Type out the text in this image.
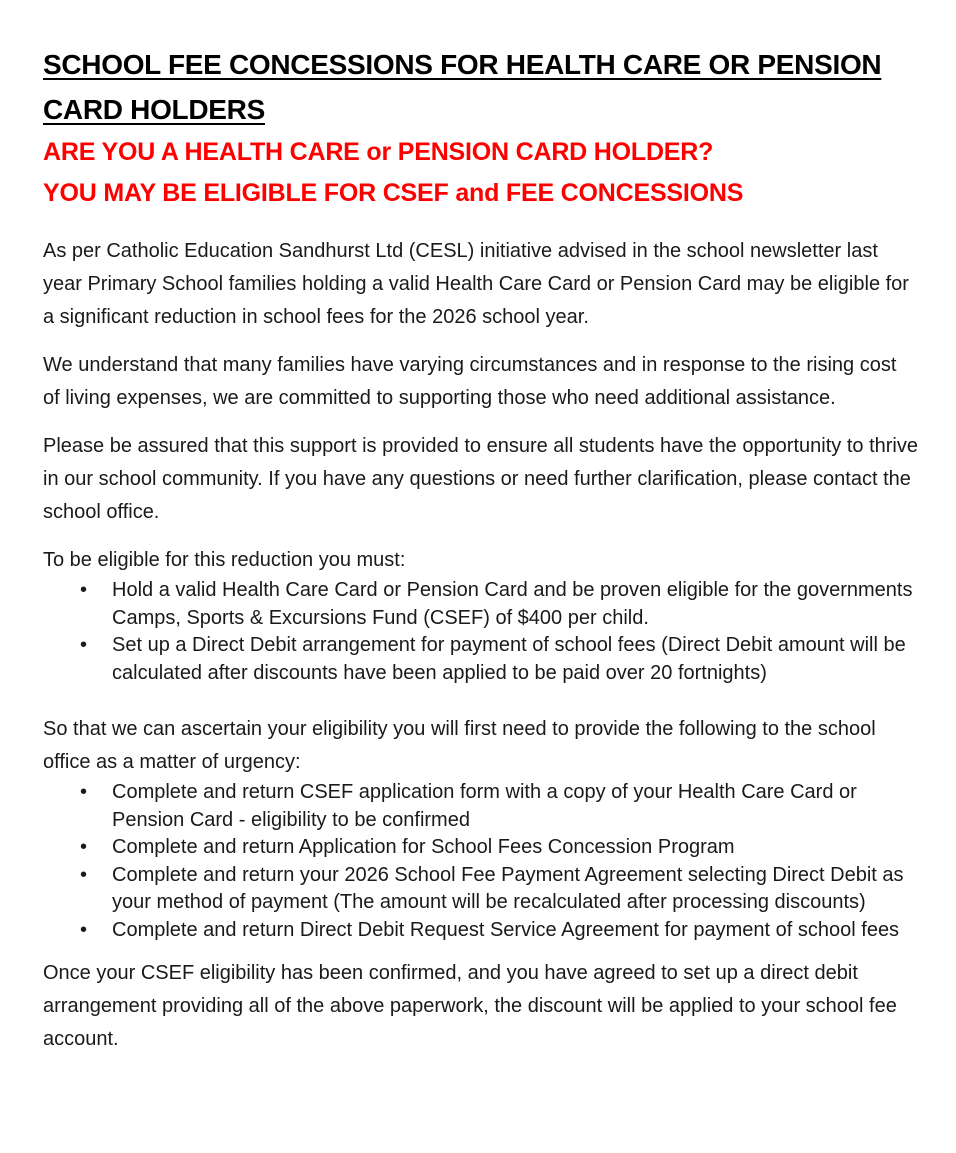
SCHOOL FEE CONCESSIONS FOR HEALTH CARE OR PENSION
CARD HOLDERS
ARE YOU A HEALTH CARE or PENSION CARD HOLDER?
YOU MAY BE ELIGIBLE FOR CSEF and FEE CONCESSIONS

As per Catholic Education Sandhurst Ltd (CESL) initiative advised in the school newsletter last year Primary School families holding a valid Health Care Card or Pension Card may be eligible for a significant reduction in school fees for the 2026 school year.

We understand that many families have varying circumstances and in response to the rising cost of living expenses, we are committed to supporting those who need additional assistance.

Please be assured that this support is provided to ensure all students have the opportunity to thrive in our school community. If you have any questions or need further clarification, please contact the school office.

To be eligible for this reduction you must:

• Hold a valid Health Care Card or Pension Card and be proven eligible for the governments Camps, Sports & Excursions Fund (CSEF) of $400 per child.
• Set up a Direct Debit arrangement for payment of school fees (Direct Debit amount will be calculated after discounts have been applied to be paid over 20 fortnights)

So that we can ascertain your eligibility you will first need to provide the following to the school office as a matter of urgency:

• Complete and return CSEF application form with a copy of your Health Care Card or Pension Card - eligibility to be confirmed
• Complete and return Application for School Fees Concession Program
• Complete and return your 2026 School Fee Payment Agreement selecting Direct Debit as your method of payment (The amount will be recalculated after processing discounts)
• Complete and return Direct Debit Request Service Agreement for payment of school fees

Once your CSEF eligibility has been confirmed, and you have agreed to set up a direct debit arrangement providing all of the above paperwork, the discount will be applied to your school fee account.
